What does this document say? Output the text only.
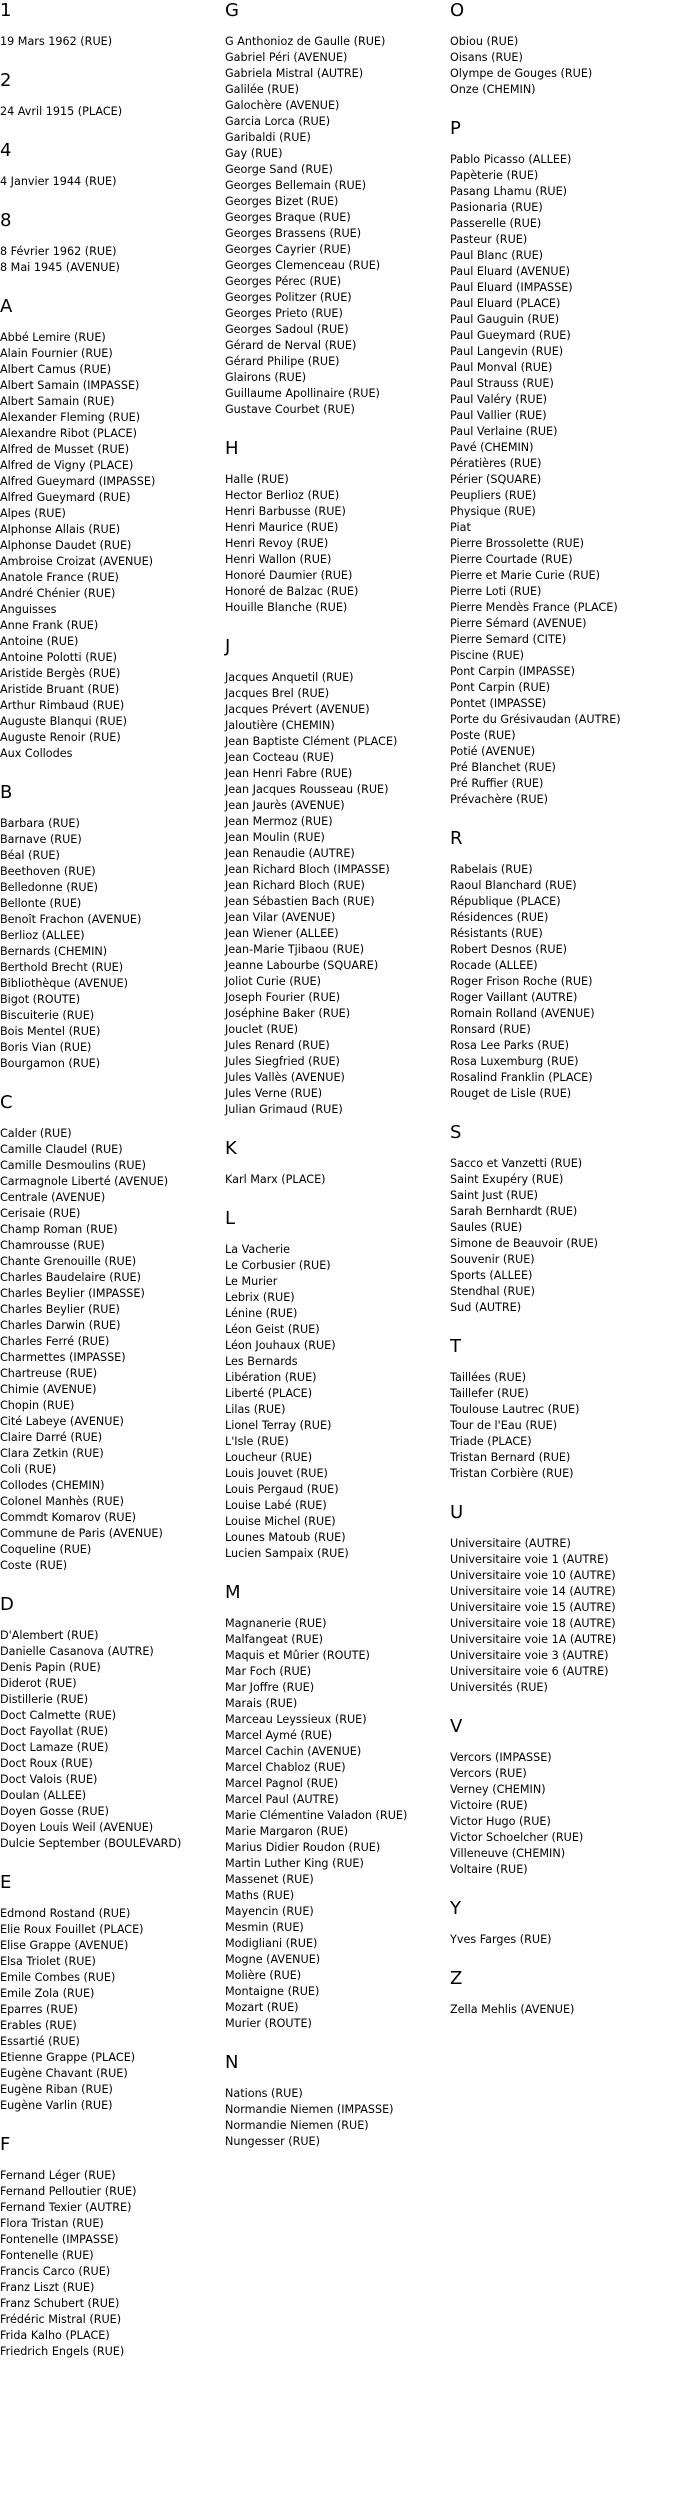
1
19 Mars 1962 (RUE)
2
24 Avril 1915 (PLACE)
4
4 Janvier 1944 (RUE)
8
8 Février 1962 (RUE)
8 Mai 1945 (AVENUE)
A
Abbé Lemire (RUE)
Alain Fournier (RUE)
Albert Camus (RUE)
Albert Samain (IMPASSE)
Albert Samain (RUE)
Alexander Fleming (RUE)
Alexandre Ribot (PLACE)
Alfred de Musset (RUE)
Alfred de Vigny (PLACE)
Alfred Gueymard (IMPASSE)
Alfred Gueymard (RUE)
Alpes (RUE)
Alphonse Allais (RUE)
Alphonse Daudet (RUE)
Ambroise Croizat (AVENUE)
Anatole France (RUE)
André Chénier (RUE)
Anguisses
Anne Frank (RUE)
Antoine (RUE)
Antoine Polotti (RUE)
Aristide Bergès (RUE)
Aristide Bruant (RUE)
Arthur Rimbaud (RUE)
Auguste Blanqui (RUE)
Auguste Renoir (RUE)
Aux Collodes
B
Barbara (RUE)
Barnave (RUE)
Béal (RUE)
Beethoven (RUE)
Belledonne (RUE)
Bellonte (RUE)
Benoît Frachon (AVENUE)
Berlioz (ALLEE)
Bernards (CHEMIN)
Berthold Brecht (RUE)
Bibliothèque (AVENUE)
Bigot (ROUTE)
Biscuiterie (RUE)
Bois Mentel (RUE)
Boris Vian (RUE)
Bourgamon (RUE)
C
Calder (RUE)
Camille Claudel (RUE)
Camille Desmoulins (RUE)
Carmagnole Liberté (AVENUE)
Centrale (AVENUE)
Cerisaie (RUE)
Champ Roman (RUE)
Chamrousse (RUE)
Chante Grenouille (RUE)
Charles Baudelaire (RUE)
Charles Beylier (IMPASSE)
Charles Beylier (RUE)
Charles Darwin (RUE)
Charles Ferré (RUE)
Charmettes (IMPASSE)
Chartreuse (RUE)
Chimie (AVENUE)
Chopin (RUE)
Cité Labeye (AVENUE)
Claire Darré (RUE)
Clara Zetkin (RUE)
Coli (RUE)
Collodes (CHEMIN)
Colonel Manhès (RUE)
Commdt Komarov (RUE)
Commune de Paris (AVENUE)
Coqueline (RUE)
Coste (RUE)
D
D'Alembert (RUE)
Danielle Casanova (AUTRE)
Denis Papin (RUE)
Diderot (RUE)
Distillerie (RUE)
Doct Calmette (RUE)
Doct Fayollat (RUE)
Doct Lamaze (RUE)
Doct Roux (RUE)
Doct Valois (RUE)
Doulan (ALLEE)
Doyen Gosse (RUE)
Doyen Louis Weil (AVENUE)
Dulcie September (BOULEVARD)
E
Edmond Rostand (RUE)
Elie Roux Fouillet (PLACE)
Elise Grappe (AVENUE)
Elsa Triolet (RUE)
Emile Combes (RUE)
Emile Zola (RUE)
Eparres (RUE)
Erables (RUE)
Essartié (RUE)
Etienne Grappe (PLACE)
Eugène Chavant (RUE)
Eugène Riban (RUE)
Eugène Varlin (RUE)
F
Fernand Léger (RUE)
Fernand Pelloutier (RUE)
Fernand Texier (AUTRE)
Flora Tristan (RUE)
Fontenelle (IMPASSE)
Fontenelle (RUE)
Francis Carco (RUE)
Franz Liszt (RUE)
Franz Schubert (RUE)
Frédéric Mistral (RUE)
Frida Kalho (PLACE)
Friedrich Engels (RUE)
G
G Anthonioz de Gaulle (RUE)
Gabriel Péri (AVENUE)
Gabriela Mistral (AUTRE)
Galilée (RUE)
Galochère (AVENUE)
Garcia Lorca (RUE)
Garibaldi (RUE)
Gay (RUE)
George Sand (RUE)
Georges Bellemain (RUE)
Georges Bizet (RUE)
Georges Braque (RUE)
Georges Brassens (RUE)
Georges Cayrier (RUE)
Georges Clemenceau (RUE)
Georges Pérec (RUE)
Georges Politzer (RUE)
Georges Prieto (RUE)
Georges Sadoul (RUE)
Gérard de Nerval (RUE)
Gérard Philipe (RUE)
Glairons (RUE)
Guillaume Apollinaire (RUE)
Gustave Courbet (RUE)
H
Halle (RUE)
Hector Berlioz (RUE)
Henri Barbusse (RUE)
Henri Maurice (RUE)
Henri Revoy (RUE)
Henri Wallon (RUE)
Honoré Daumier (RUE)
Honoré de Balzac (RUE)
Houille Blanche (RUE)
J
Jacques Anquetil (RUE)
Jacques Brel (RUE)
Jacques Prévert (AVENUE)
Jaloutière (CHEMIN)
Jean Baptiste Clément (PLACE)
Jean Cocteau (RUE)
Jean Henri Fabre (RUE)
Jean Jacques Rousseau (RUE)
Jean Jaurès (AVENUE)
Jean Mermoz (RUE)
Jean Moulin (RUE)
Jean Renaudie (AUTRE)
Jean Richard Bloch (IMPASSE)
Jean Richard Bloch (RUE)
Jean Sébastien Bach (RUE)
Jean Vilar (AVENUE)
Jean Wiener (ALLEE)
Jean-Marie Tjibaou (RUE)
Jeanne Labourbe (SQUARE)
Joliot Curie (RUE)
Joseph Fourier (RUE)
Joséphine Baker (RUE)
Jouclet (RUE)
Jules Renard (RUE)
Jules Siegfried (RUE)
Jules Vallès (AVENUE)
Jules Verne (RUE)
Julian Grimaud (RUE)
K
Karl Marx (PLACE)
L
La Vacherie
Le Corbusier (RUE)
Le Murier
Lebrix (RUE)
Lénine (RUE)
Léon Geist (RUE)
Léon Jouhaux (RUE)
Les Bernards
Libération (RUE)
Liberté (PLACE)
Lilas (RUE)
Lionel Terray (RUE)
L'Isle (RUE)
Loucheur (RUE)
Louis Jouvet (RUE)
Louis Pergaud (RUE)
Louise Labé (RUE)
Louise Michel (RUE)
Lounes Matoub (RUE)
Lucien Sampaix (RUE)
M
Magnanerie (RUE)
Malfangeat (RUE)
Maquis et Mûrier (ROUTE)
Mar Foch (RUE)
Mar Joffre (RUE)
Marais (RUE)
Marceau Leyssieux (RUE)
Marcel Aymé (RUE)
Marcel Cachin (AVENUE)
Marcel Chabloz (RUE)
Marcel Pagnol (RUE)
Marcel Paul (AUTRE)
Marie Clémentine Valadon (RUE)
Marie Margaron (RUE)
Marius Didier Roudon (RUE)
Martin Luther King (RUE)
Massenet (RUE)
Maths (RUE)
Mayencin (RUE)
Mesmin (RUE)
Modigliani (RUE)
Mogne (AVENUE)
Molière (RUE)
Montaigne (RUE)
Mozart (RUE)
Murier (ROUTE)
N
Nations (RUE)
Normandie Niemen (IMPASSE)
Normandie Niemen (RUE)
Nungesser (RUE)
O
Obiou (RUE)
Oisans (RUE)
Olympe de Gouges (RUE)
Onze (CHEMIN)
P
Pablo Picasso (ALLEE)
Papèterie (RUE)
Pasang Lhamu (RUE)
Pasionaria (RUE)
Passerelle (RUE)
Pasteur (RUE)
Paul Blanc (RUE)
Paul Eluard (AVENUE)
Paul Eluard (IMPASSE)
Paul Eluard (PLACE)
Paul Gauguin (RUE)
Paul Gueymard (RUE)
Paul Langevin (RUE)
Paul Monval (RUE)
Paul Strauss (RUE)
Paul Valéry (RUE)
Paul Vallier (RUE)
Paul Verlaine (RUE)
Pavé (CHEMIN)
Pératières (RUE)
Périer (SQUARE)
Peupliers (RUE)
Physique (RUE)
Piat
Pierre Brossolette (RUE)
Pierre Courtade (RUE)
Pierre et Marie Curie (RUE)
Pierre Loti (RUE)
Pierre Mendès France (PLACE)
Pierre Sémard (AVENUE)
Pierre Semard (CITE)
Piscine (RUE)
Pont Carpin (IMPASSE)
Pont Carpin (RUE)
Pontet (IMPASSE)
Porte du Grésivaudan (AUTRE)
Poste (RUE)
Potié (AVENUE)
Pré Blanchet (RUE)
Pré Ruffier (RUE)
Prévachère (RUE)
R
Rabelais (RUE)
Raoul Blanchard (RUE)
République (PLACE)
Résidences (RUE)
Résistants (RUE)
Robert Desnos (RUE)
Rocade (ALLEE)
Roger Frison Roche (RUE)
Roger Vaillant (AUTRE)
Romain Rolland (AVENUE)
Ronsard (RUE)
Rosa Lee Parks (RUE)
Rosa Luxemburg (RUE)
Rosalind Franklin (PLACE)
Rouget de Lisle (RUE)
S
Sacco et Vanzetti (RUE)
Saint Exupéry (RUE)
Saint Just (RUE)
Sarah Bernhardt (RUE)
Saules (RUE)
Simone de Beauvoir (RUE)
Souvenir (RUE)
Sports (ALLEE)
Stendhal (RUE)
Sud (AUTRE)
T
Taillées (RUE)
Taillefer (RUE)
Toulouse Lautrec (RUE)
Tour de l'Eau (RUE)
Triade (PLACE)
Tristan Bernard (RUE)
Tristan Corbière (RUE)
U
Universitaire (AUTRE)
Universitaire voie 1 (AUTRE)
Universitaire voie 10 (AUTRE)
Universitaire voie 14 (AUTRE)
Universitaire voie 15 (AUTRE)
Universitaire voie 18 (AUTRE)
Universitaire voie 1A (AUTRE)
Universitaire voie 3 (AUTRE)
Universitaire voie 6 (AUTRE)
Universités (RUE)
V
Vercors (IMPASSE)
Vercors (RUE)
Verney (CHEMIN)
Victoire (RUE)
Victor Hugo (RUE)
Victor Schoelcher (RUE)
Villeneuve (CHEMIN)
Voltaire (RUE)
Y
Yves Farges (RUE)
Z
Zella Mehlis (AVENUE)
